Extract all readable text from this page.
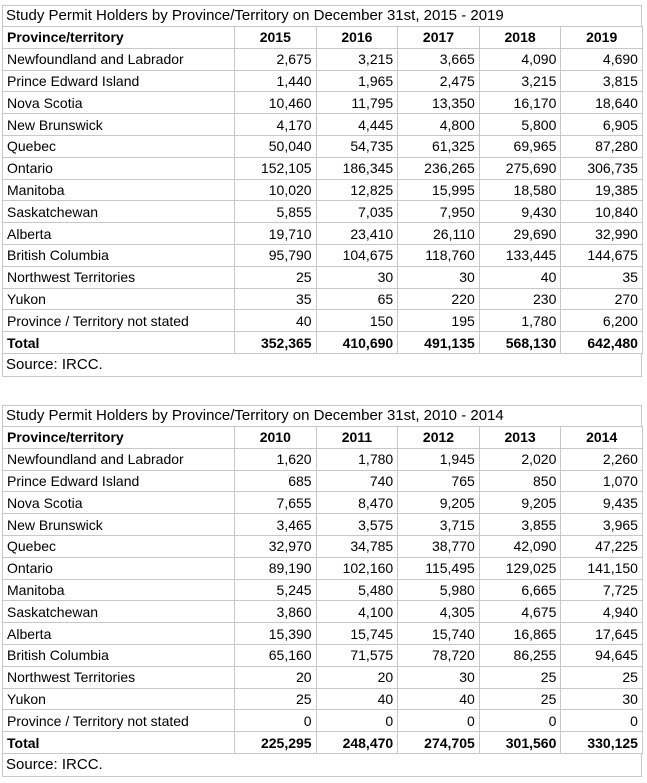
Study Permit Holders by Province/Territory on December 31st, 2015 - 2019
Province/territory	2015	2016	2017	2018	2019
Newfoundland and Labrador	2,675	3,215	3,665	4,090	4,690
Prince Edward Island	1,440	1,965	2,475	3,215	3,815
Nova Scotia	10,460	11,795	13,350	16,170	18,640
New Brunswick	4,170	4,445	4,800	5,800	6,905
Quebec	50,040	54,735	61,325	69,965	87,280
Ontario	152,105	186,345	236,265	275,690	306,735
Manitoba	10,020	12,825	15,995	18,580	19,385
Saskatchewan	5,855	7,035	7,950	9,430	10,840
Alberta	19,710	23,410	26,110	29,690	32,990
British Columbia	95,790	104,675	118,760	133,445	144,675
Northwest Territories	25	30	30	40	35
Yukon	35	65	220	230	270
Province / Territory not stated	40	150	195	1,780	6,200
Total	352,365	410,690	491,135	568,130	642,480
Source: IRCC.
Study Permit Holders by Province/Territory on December 31st, 2010 - 2014
Province/territory	2010	2011	2012	2013	2014
Newfoundland and Labrador	1,620	1,780	1,945	2,020	2,260
Prince Edward Island	685	740	765	850	1,070
Nova Scotia	7,655	8,470	9,205	9,205	9,435
New Brunswick	3,465	3,575	3,715	3,855	3,965
Quebec	32,970	34,785	38,770	42,090	47,225
Ontario	89,190	102,160	115,495	129,025	141,150
Manitoba	5,245	5,480	5,980	6,665	7,725
Saskatchewan	3,860	4,100	4,305	4,675	4,940
Alberta	15,390	15,745	15,740	16,865	17,645
British Columbia	65,160	71,575	78,720	86,255	94,645
Northwest Territories	20	20	30	25	25
Yukon	25	40	40	25	30
Province / Territory not stated	0	0	0	0	0
Total	225,295	248,470	274,705	301,560	330,125
Source: IRCC.
